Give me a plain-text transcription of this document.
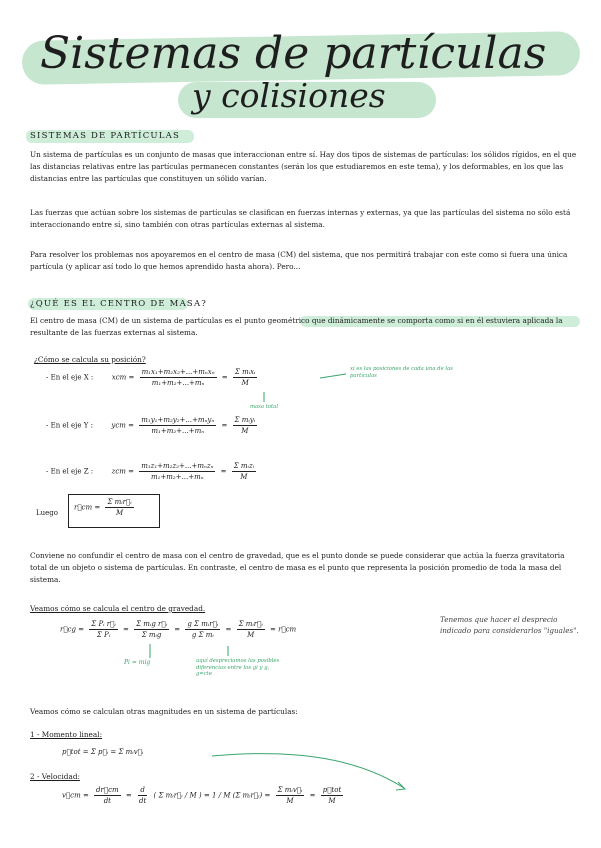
Sistemas de partículas
y colisiones
SISTEMAS DE PARTÍCULAS
Un sistema de partículas es un conjunto de masas que interaccionan entre sí. Hay dos tipos de sistemas de partículas: los sólidos rígidos, en el que las distancias relativas entre las partículas permanecen constantes (serán los que estudiaremos en este tema), y los deformables, en los que las distancias entre las partículas que constituyen un sólido varían.
Las fuerzas que actúan sobre los sistemas de partículas se clasifican en fuerzas internas y externas, ya que las partículas del sistema no sólo está interaccionando entre sí, sino también con otras partículas externas al sistema.
Para resolver los problemas nos apoyaremos en el centro de masa (CM) del sistema, que nos permitirá trabajar con este como si fuera una única partícula (y aplicar así todo lo que hemos aprendido hasta ahora). Pero...
¿QUÉ ES EL CENTRO DE MASA?
El centro de masa (CM) de un sistema de partículas es el punto geométrico que dinámicamente se comporta como si en él estuviera aplicada la resultante de las fuerzas externas al sistema.
¿Cómo se calcula su posición?
- En el eje X :	xcm = $\frac{\text{m₁x₁+m₂x₂+...+mₙxₙ}}{\text{m₁+m₂+...+mₙ}} = \frac{\text{Σ mᵢxᵢ}}{M}$	xi es las posiciones de cada una de las partículas
masa total
- En el eje Y :	ycm = $\frac{\text{m₁y₁+m₂y₂+...+mₙyₙ}}{\text{m₁+m₂+...+mₙ}} = \frac{\text{Σ mᵢyᵢ}}{M}$
- En el eje Z :	zcm = $\frac{\text{m₁z₁+m₂z₂+...+mₙzₙ}}{\text{m₁+m₂+...+mₙ}} = \frac{\text{Σ mᵢzᵢ}}{M}$
Luego
r⃗cm = $\frac{\text{Σ mᵢr⃗ᵢ}}{M}$
Conviene no confundir el centro de masa con el centro de gravedad, que es el punto donde se puede considerar que actúa la fuerza gravitatoria total de un objeto o sistema de partículas. En contraste, el centro de masa es el punto que representa la posición promedio de toda la masa del sistema.
Veamos cómo se calcula el centro de gravedad.
r⃗cg = $\frac{\text{Σ Pᵢ r⃗ᵢ}}{\text{Σ Pᵢ}} = \frac{\text{Σ mᵢg r⃗ᵢ}}{\text{Σ mᵢg}} = \frac{\text{g Σ mᵢr⃗ᵢ}}{\text{g Σ mᵢ}} = \frac{\text{Σ mᵢr⃗ᵢ}}{M}$ = r⃗cm
Pi = mig	aquí despreciamos las posibles diferencias entre los gi y g, g=cte
Tenemos que hacer el desprecio indicado para considerarlos "iguales".
Veamos cómo se calculan otras magnitudes en un sistema de partículas:
1 - Momento lineal:
p⃗tot = Σ p⃗ᵢ = Σ mᵢv⃗ᵢ
2 - Velocidad:
v⃗cm = $\frac{dr⃗cm}{dt} = \frac{d}{dt}$ ( Σ mᵢr⃗ᵢ / M ) = 1 / M (Σ mᵢr⃗ᵢ) = $\frac{\text{Σ mᵢv⃗ᵢ}}{M} = \frac{\text{p⃗tot}}{M}$
